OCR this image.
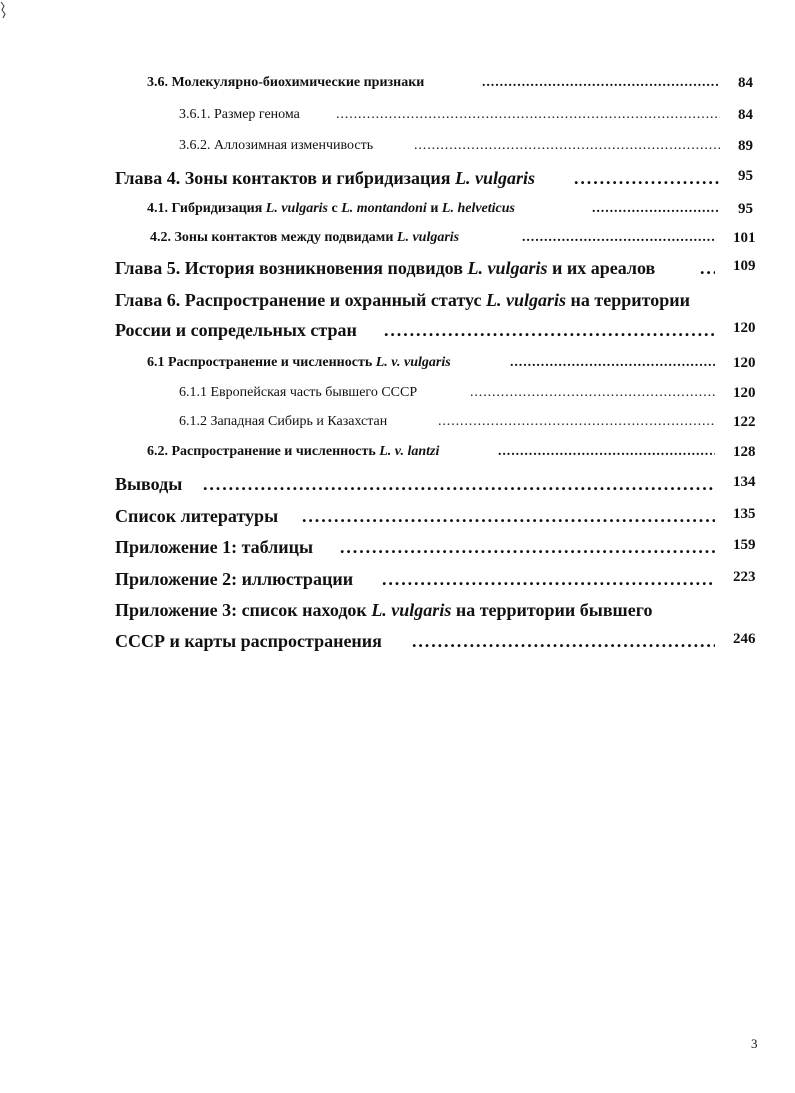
3.6. Молекулярно-биохимические признаки . . .	84
3.6.1. Размер генома . . .	84
3.6.2. Аллозимная изменчивость . . .	89
Глава 4. Зоны контактов и гибридизация L. vulgaris . . .	95
4.1. Гибридизация L. vulgaris с L. montandoni и L. helveticus . . .	95
4.2. Зоны контактов между подвидами L. vulgaris . . .	101
Глава 5. История возникновения подвидов L. vulgaris и их ареалов . . .	109
Глава 6. Распространение и охранный статус L. vulgaris на территории
России и сопредельных стран . . .	120
6.1 Распространение и численность L. v. vulgaris . . .	120
6.1.1 Европейская часть бывшего СССР . . .	120
6.1.2 Западная Сибирь и Казахстан . . .	122
6.2. Распространение и численность L. v. lantzi . . .	128
Выводы . . .	134
Список литературы . . .	135
Приложение 1: таблицы . . .	159
Приложение 2: иллюстрации . . .	223
Приложение 3: список находок L. vulgaris на территории бывшего
СССР и карты распространения . . .	246
3
